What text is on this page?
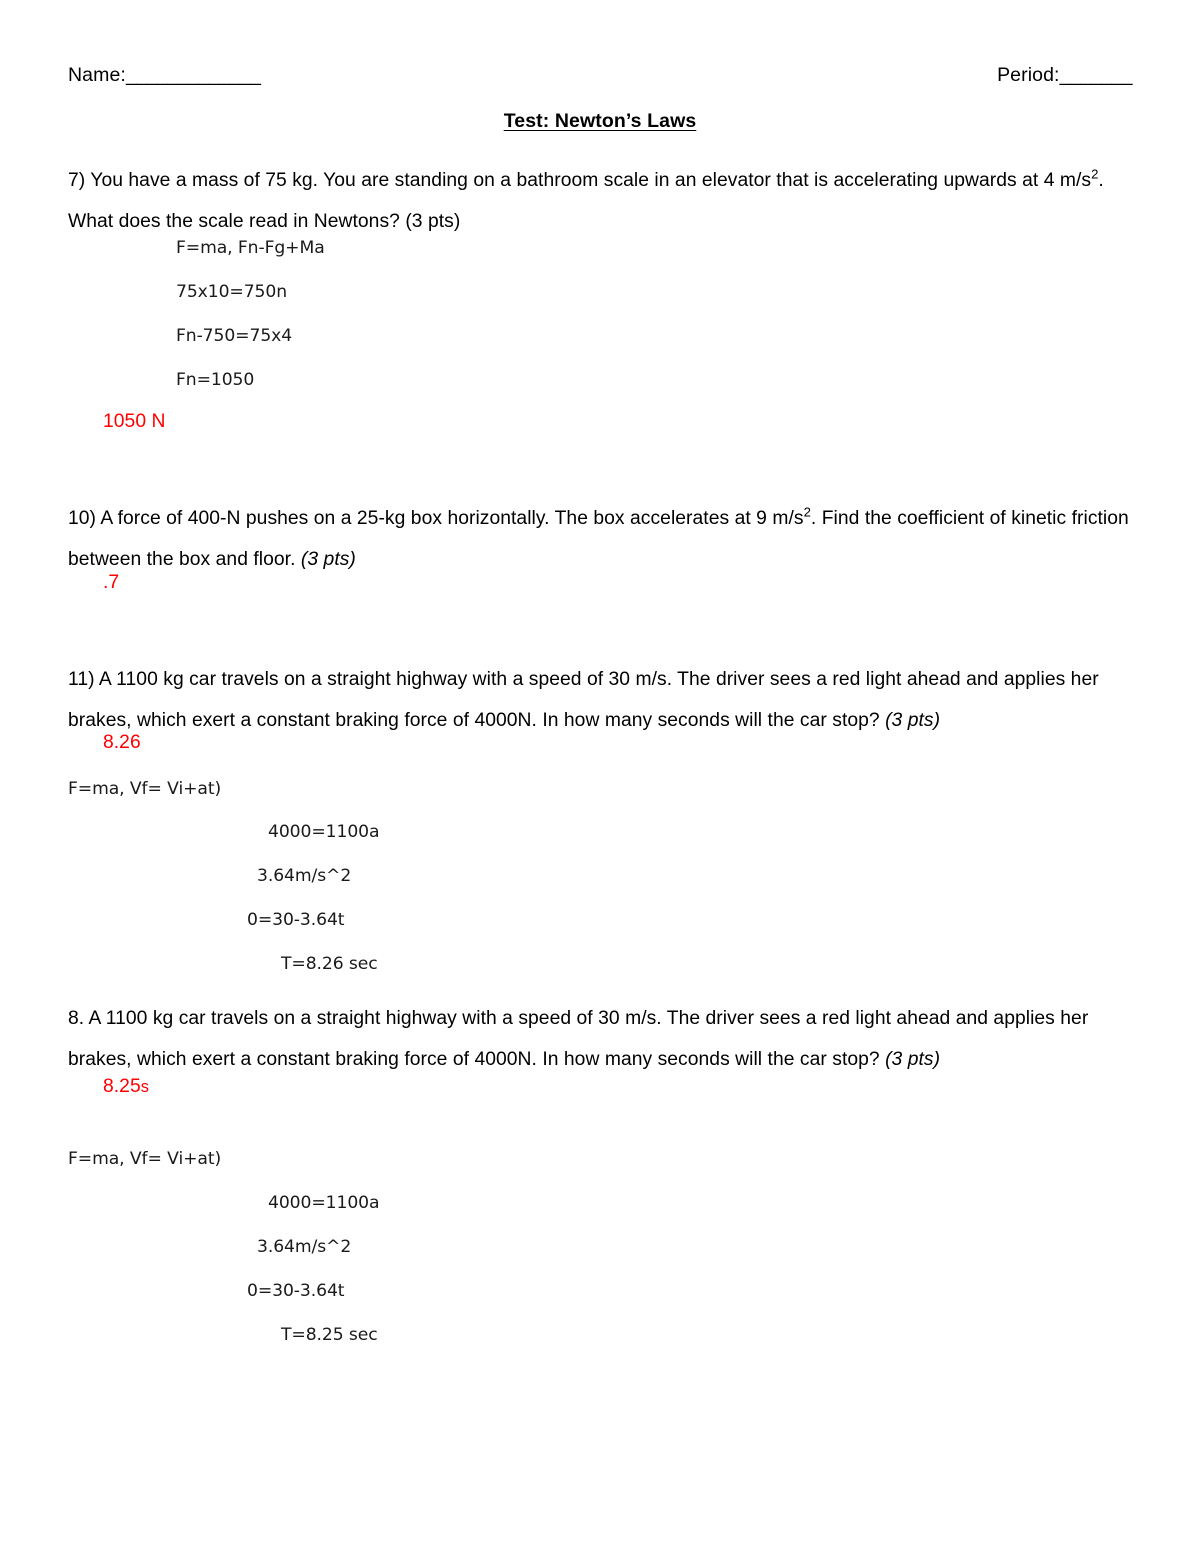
Name:_____________	Period:_______
Test: Newton’s Laws
7) You have a mass of 75 kg. You are standing on a bathroom scale in an elevator that is accelerating upwards at 4 $m/s^2$. What does the scale read in Newtons? (3 pts)
F=ma, Fn-Fg+Ma
75x10=750n
Fn-750=75x4
Fn=1050
1050 N
10) A force of 400-N pushes on a 25-kg box horizontally. The box accelerates at 9 $m/s^2$. Find the coefficient of kinetic friction between the box and floor. (3 pts)
.7
11) A 1100 kg car travels on a straight highway with a speed of 30 m/s. The driver sees a red light ahead and applies her brakes, which exert a constant braking force of 4000N. In how many seconds will the car stop? (3 pts)
8.26
F=ma, Vf= Vi+at)
4000=1100a
3.64m/s^2
0=30-3.64t
T=8.26 sec
8. A 1100 kg car travels on a straight highway with a speed of 30 m/s. The driver sees a red light ahead and applies her brakes, which exert a constant braking force of 4000N. In how many seconds will the car stop? (3 pts)
8.25s
F=ma, Vf= Vi+at)
4000=1100a
3.64m/s^2
0=30-3.64t
T=8.25 sec
